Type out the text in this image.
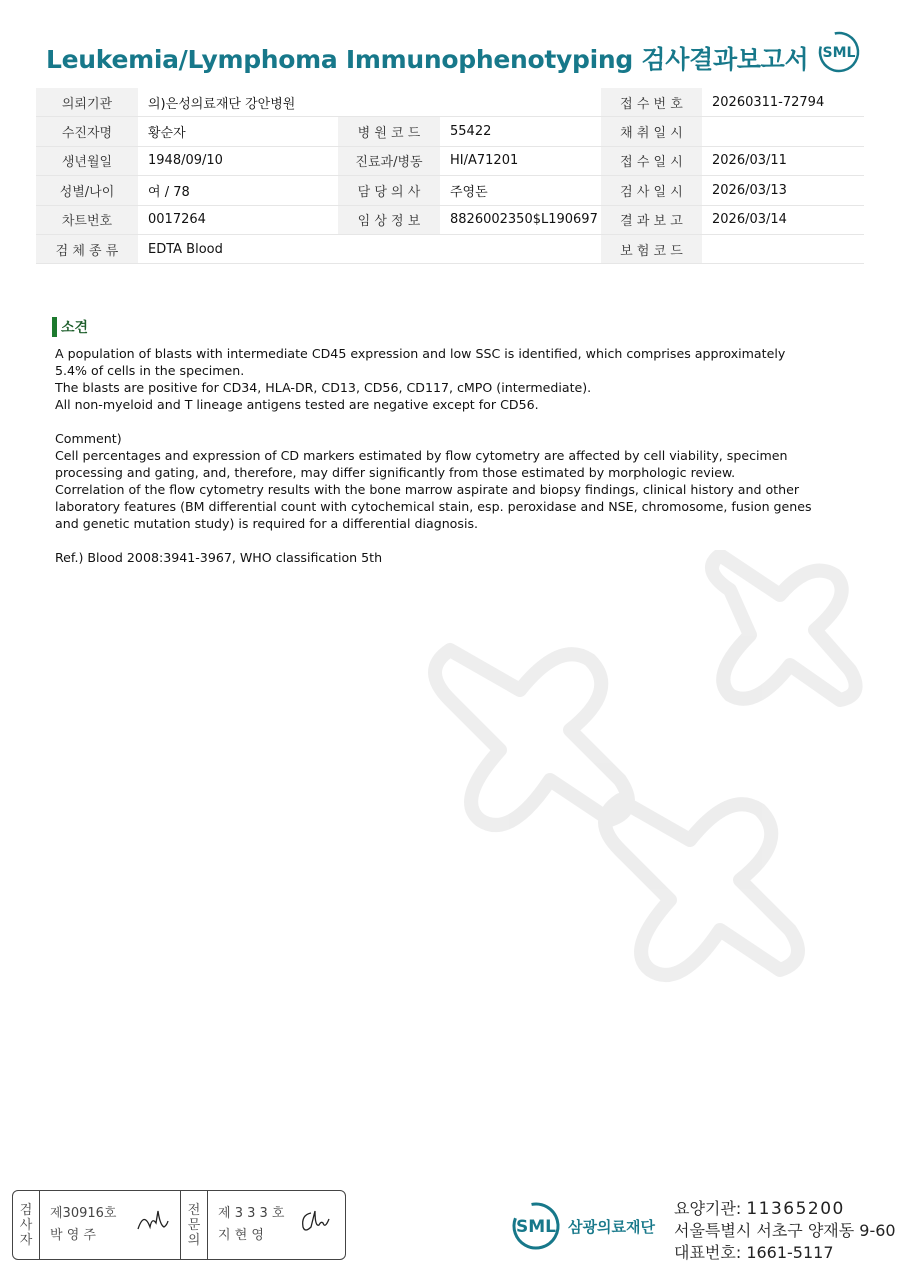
Leukemia/Lymphoma Immunophenotyping 검사결과보고서 SML
의뢰기관	의)은성의료재단 강안병원			접 수 번 호	20260311-72794
수진자명	황순자	병 원 코 드	55422	채 취 일 시	
생년월일	1948/09/10	진료과/병동	HI/A71201	접 수 일 시	2026/03/11
성별/나이	여 / 78	담 당 의 사	주영돈	검 사 일 시	2026/03/13
차트번호	0017264	임 상 정 보	8826002350$L190697	결 과 보 고	2026/03/14
검 체 종 류	EDTA Blood			보 험 코 드	
소견

A population of blasts with intermediate CD45 expression and low SSC is identified, which comprises approximately
5.4% of cells in the specimen.
The blasts are positive for CD34, HLA-DR, CD13, CD56, CD117, cMPO (intermediate).
All non-myeloid and T lineage antigens tested are negative except for CD56.

Comment)
Cell percentages and expression of CD markers estimated by flow cytometry are affected by cell viability, specimen
processing and gating, and, therefore, may differ significantly from those estimated by morphologic review.
Correlation of the flow cytometry results with the bone marrow aspirate and biopsy findings, clinical history and other
laboratory features (BM differential count with cytochemical stain, esp. peroxidase and NSE, chromosome, fusion genes
and genetic mutation study) is required for a differential diagnosis.

Ref.) Blood 2008:3941-3967, WHO classification 5th

검
사
자
제30916호
박 영 주
전
문
의
제 3 3 3 호
지 현 영	SML 삼광의료재단
요양기관: 11365200
서울특별시 서초구 양재동 9-60
대표번호: 1661-5117
